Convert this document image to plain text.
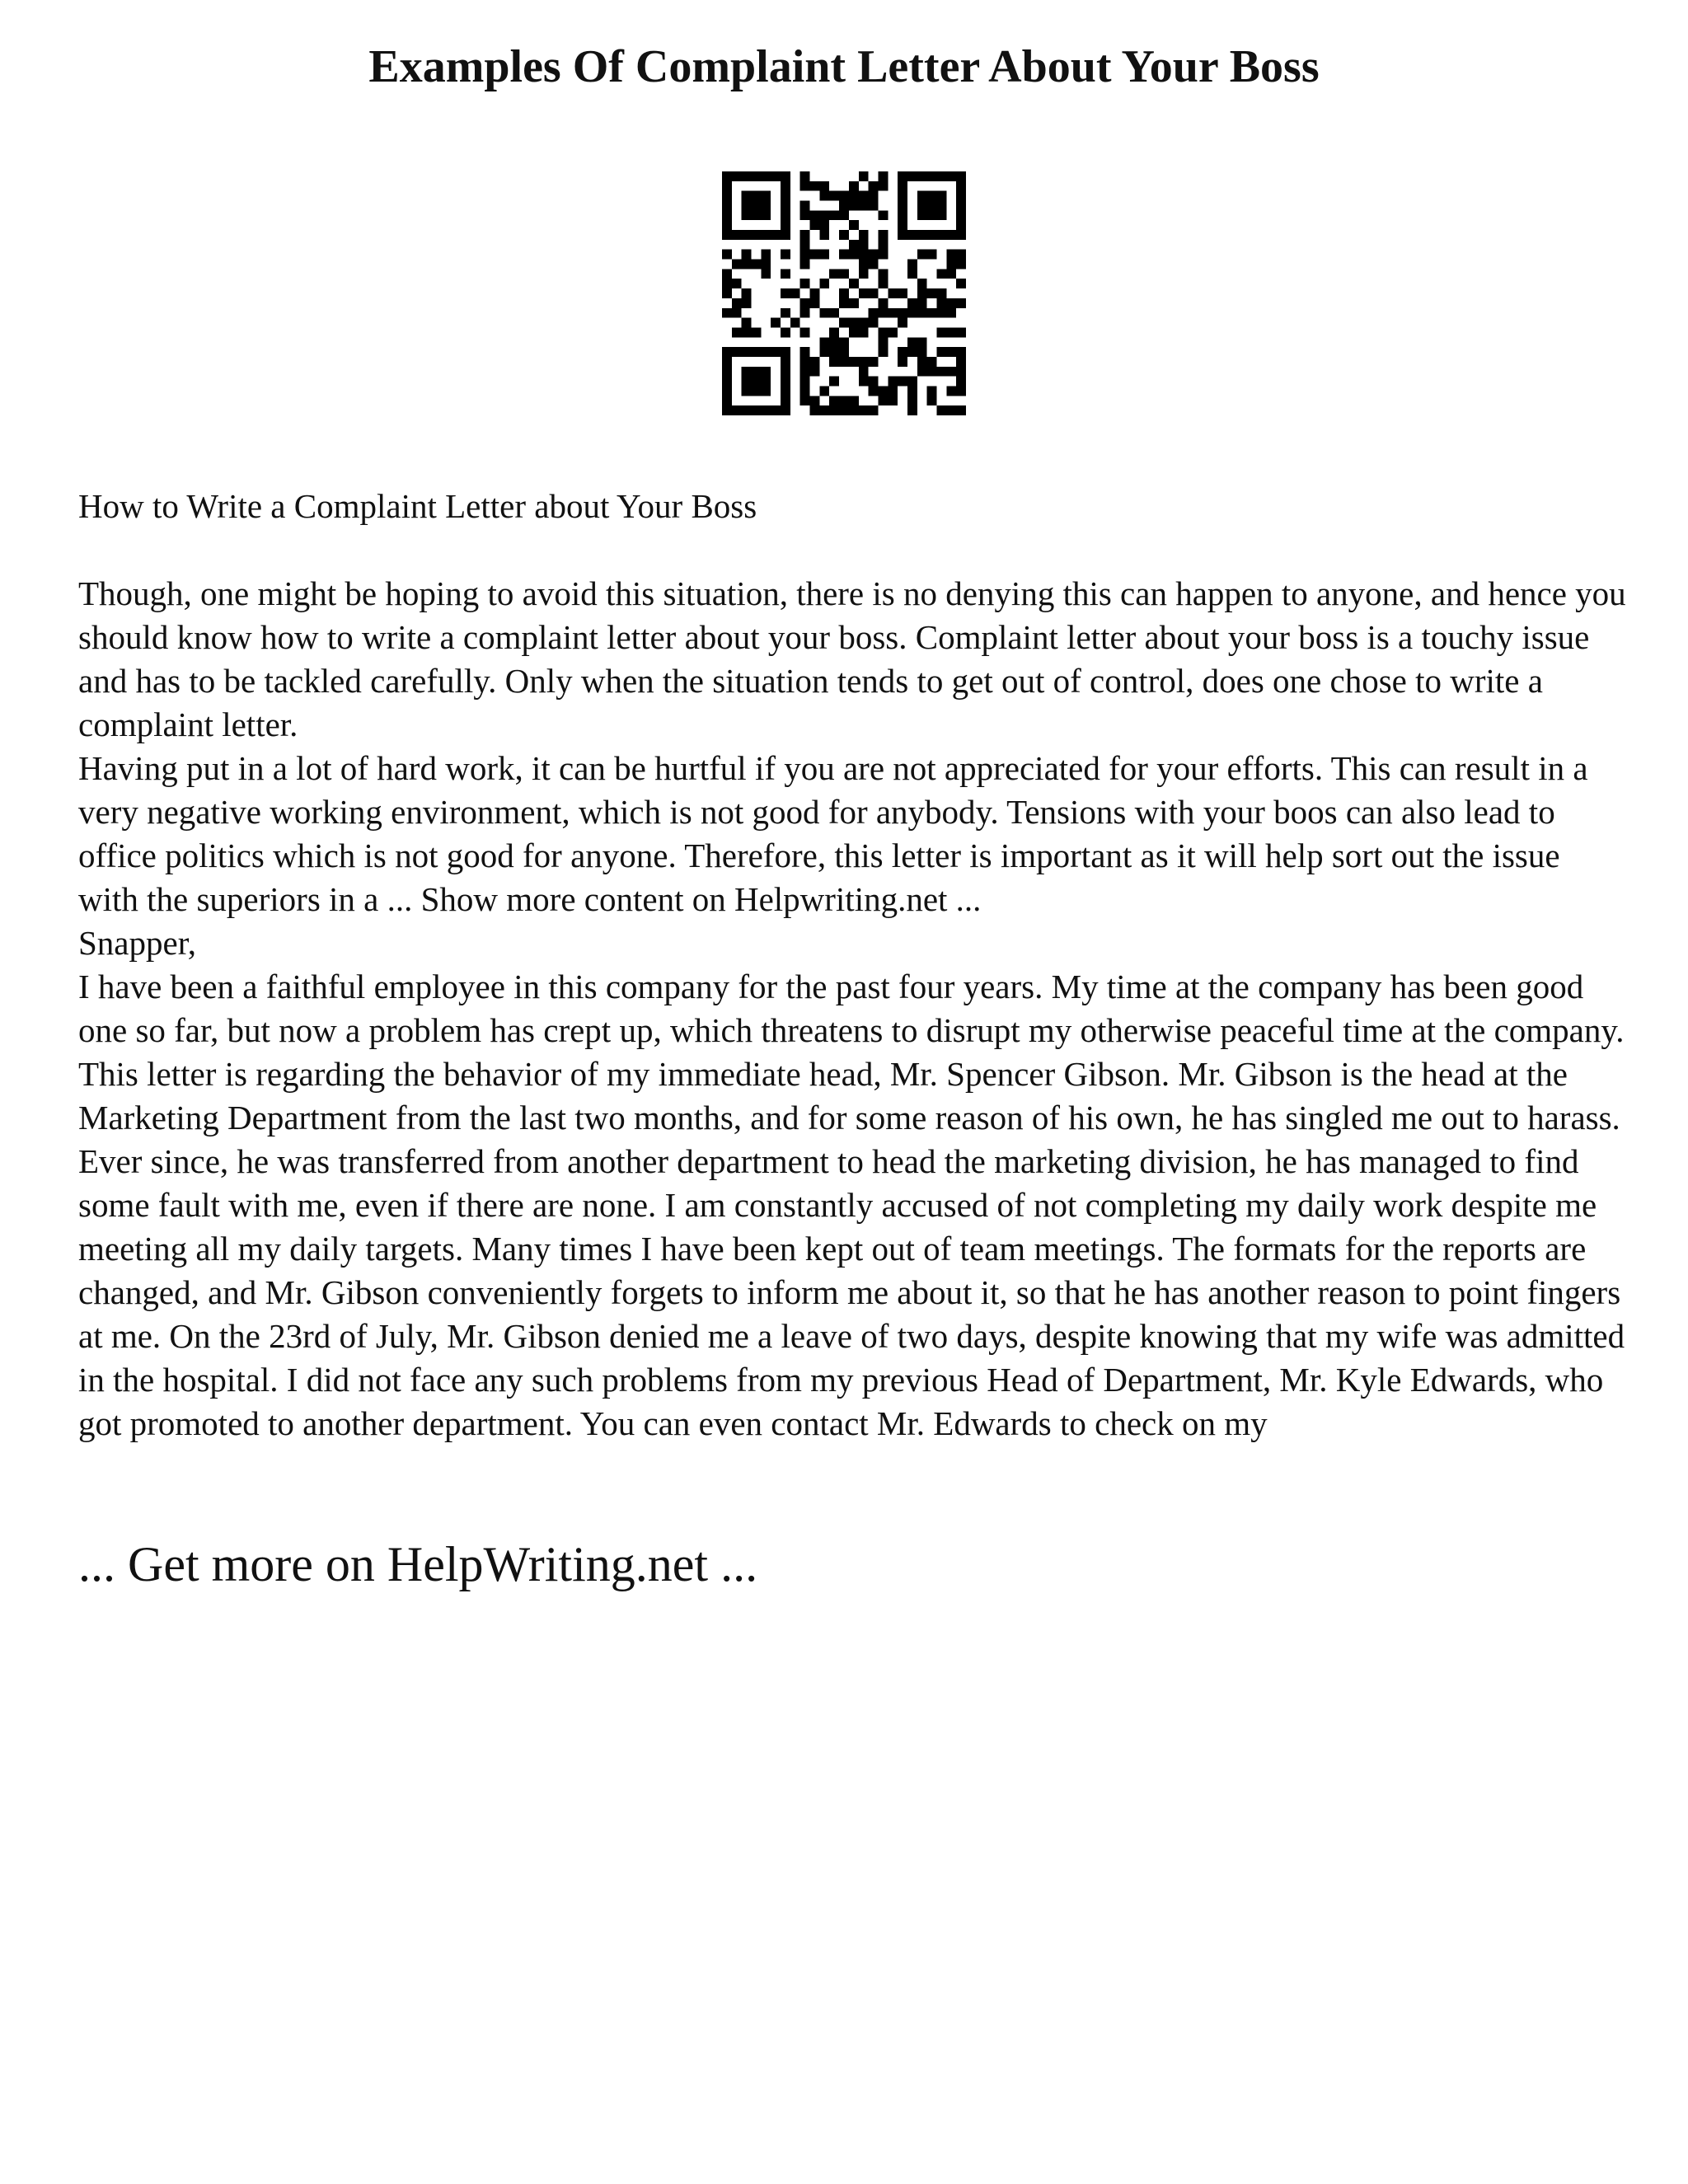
Examples Of Complaint Letter About Your Boss

How to Write a Complaint Letter about Your Boss

Though, one might be hoping to avoid this situation, there is no denying this can happen to anyone, and hence you should know how to write a complaint letter about your boss. Complaint letter about your boss is a touchy issue and has to be tackled carefully. Only when the situation tends to get out of control, does one chose to write a complaint letter.

Having put in a lot of hard work, it can be hurtful if you are not appreciated for your efforts. This can result in a very negative working environment, which is not good for anybody. Tensions with your boos can also lead to office politics which is not good for anyone. Therefore, this letter is important as it will help sort out the issue with the superiors in a ... Show more content on Helpwriting.net ...

Snapper,

I have been a faithful employee in this company for the past four years. My time at the company has been good one so far, but now a problem has crept up, which threatens to disrupt my otherwise peaceful time at the company. This letter is regarding the behavior of my immediate head, Mr. Spencer Gibson. Mr. Gibson is the head at the Marketing Department from the last two months, and for some reason of his own, he has singled me out to harass.

Ever since, he was transferred from another department to head the marketing division, he has managed to find some fault with me, even if there are none. I am constantly accused of not completing my daily work despite me meeting all my daily targets. Many times I have been kept out of team meetings. The formats for the reports are changed, and Mr. Gibson conveniently forgets to inform me about it, so that he has another reason to point fingers at me. On the 23rd of July, Mr. Gibson denied me a leave of two days, despite knowing that my wife was admitted in the hospital. I did not face any such problems from my previous Head of Department, Mr. Kyle Edwards, who got promoted to another department. You can even contact Mr. Edwards to check on my

... Get more on HelpWriting.net ...
